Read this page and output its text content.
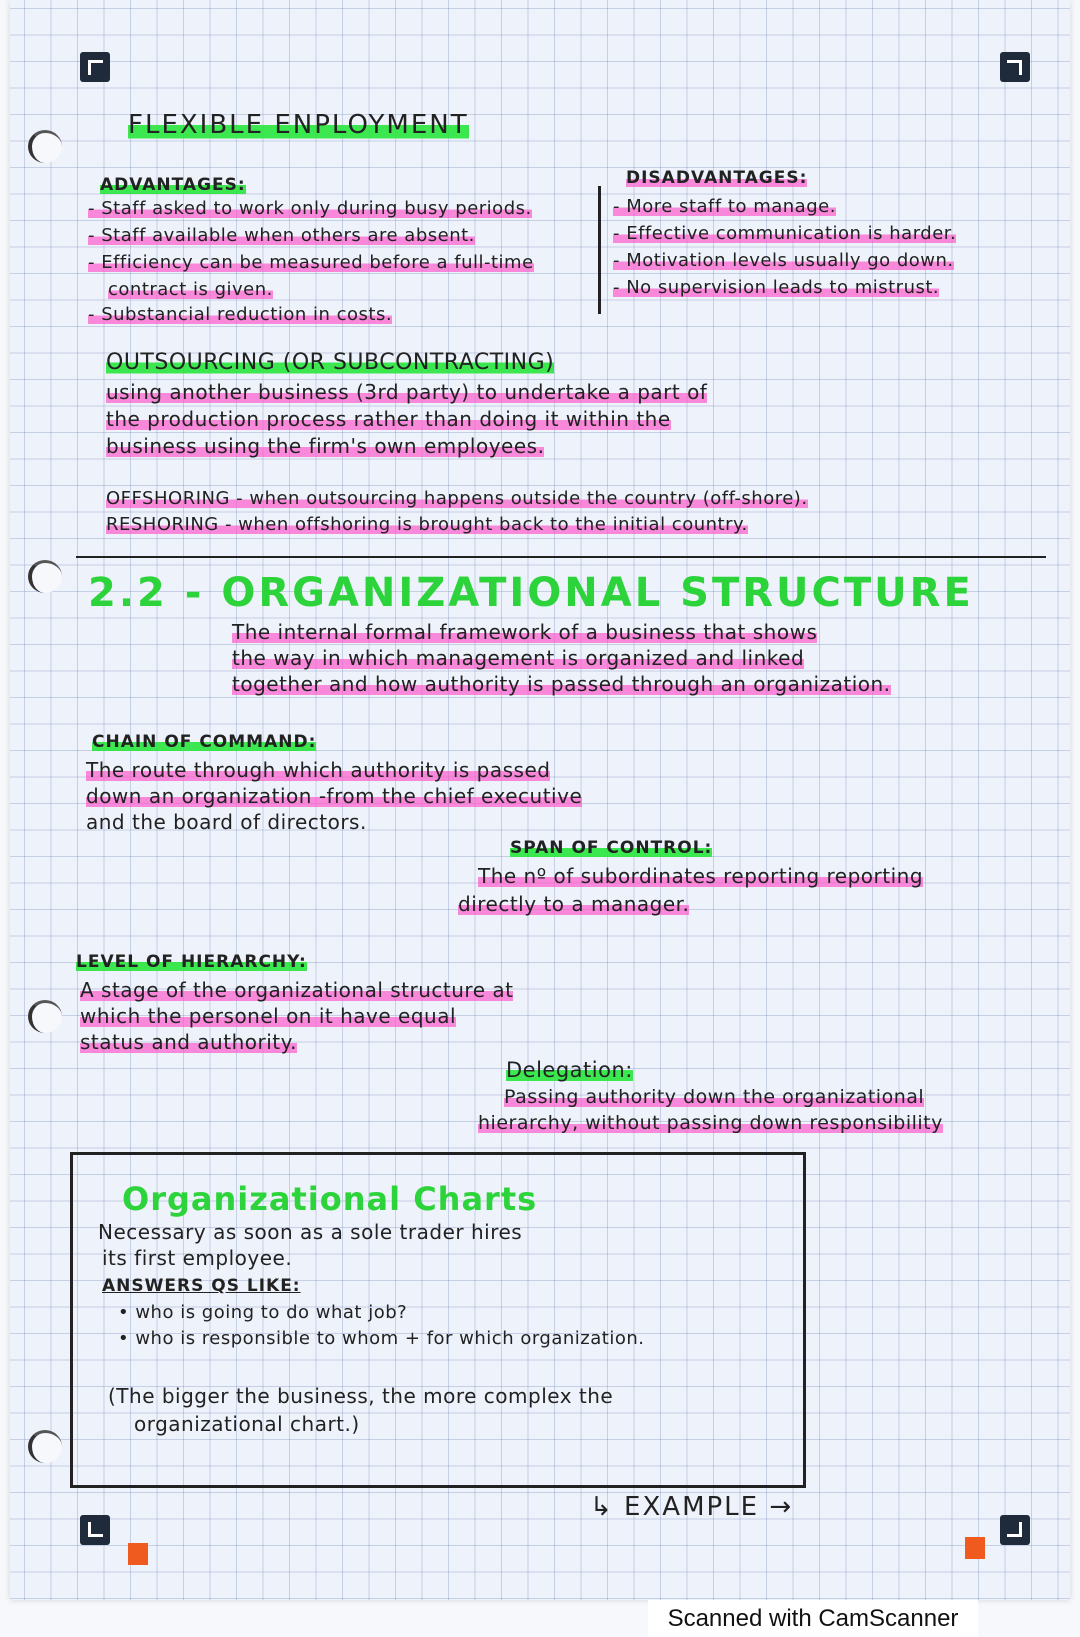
FLEXIBLE ENPLOYMENT
ADVANTAGES:
- Staff asked to work only during busy periods.
- Staff available when others are absent.
- Efficiency can be measured before a full-time
contract is given.
- Substancial reduction in costs.
DISADVANTAGES:
- More staff to manage.
- Effective communication is harder.
- Motivation levels usually go down.
- No supervision leads to mistrust.
OUTSOURCING (OR SUBCONTRACTING)
using another business (3rd party) to undertake a part of
the production process rather than doing it within the
business using the firm's own employees.
OFFSHORING - when outsourcing happens outside the country (off-shore).
RESHORING - when offshoring is brought back to the initial country.
2.2 - ORGANIZATIONAL STRUCTURE
The internal formal framework of a business that shows
the way in which management is organized and linked
together and how authority is passed through an organization.
CHAIN OF COMMAND:
The route through which authority is passed
down an organization -from the chief executive
and the board of directors.
SPAN OF CONTROL:
The nº of subordinates reporting reporting
directly to a manager.
LEVEL OF HIERARCHY:
A stage of the organizational structure at
which the personel on it have equal
status and authority.
Delegation:
Passing authority down the organizational
hierarchy, without passing down responsibility
Organizational Charts
Necessary as soon as a sole trader hires
its first employee.
ANSWERS QS LIKE:
• who is going to do what job?
• who is responsible to whom + for which organization.
(The bigger the business, the more complex the
organizational chart.)
↳ EXAMPLE →
Scanned with CamScanner
